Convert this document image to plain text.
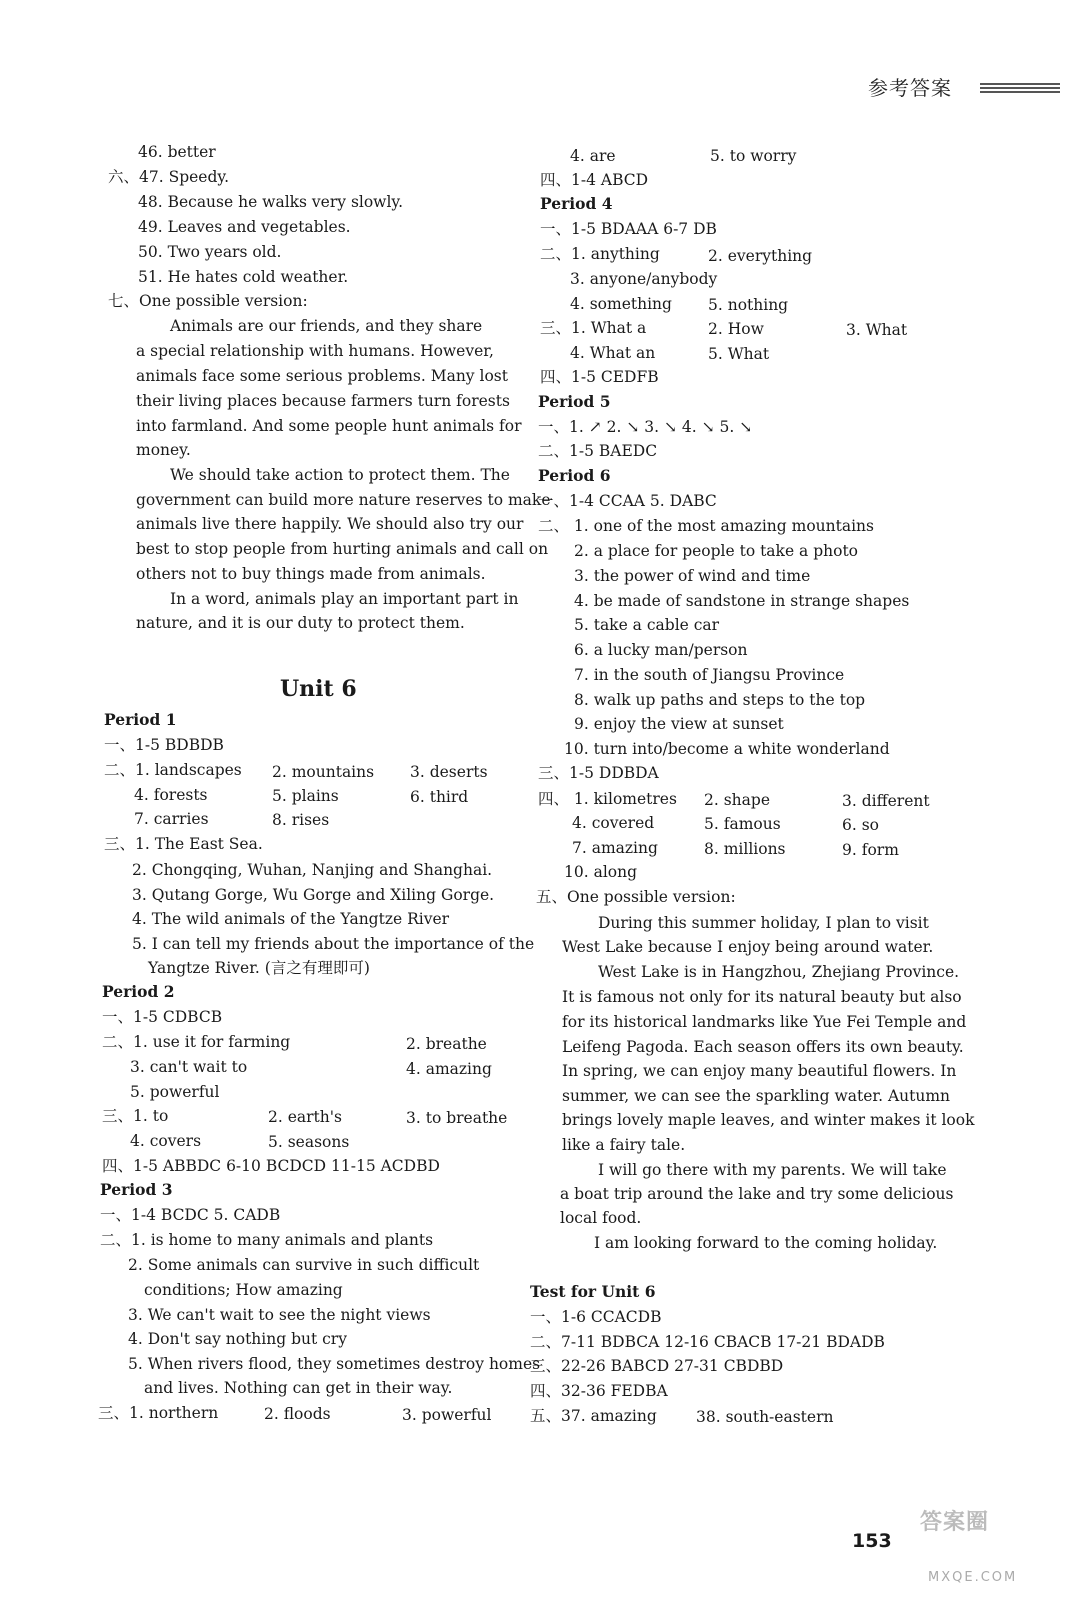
参考答案
46. better
六、47. Speedy.
48. Because he walks very slowly.
49. Leaves and vegetables.
50. Two years old.
51. He hates cold weather.
七、One possible version:
Animals are our friends, and they share
a special relationship with humans. However,
animals face some serious problems. Many lost
their living places because farmers turn forests
into farmland. And some people hunt animals for
money.
We should take action to protect them. The
government can build more nature reserves to make
animals live there happily. We should also try our
best to stop people from hurting animals and call on
others not to buy things made from animals.
In a word, animals play an important part in
nature, and it is our duty to protect them.
Unit 6
Period 1
一、1-5 BDBDB
二、1. landscapes 2. mountains 3. deserts
4. forests	5. plains	6. third
7. carries	8. rises
三、1. The East Sea.
2. Chongqing, Wuhan, Nanjing and Shanghai.
3. Qutang Gorge, Wu Gorge and Xiling Gorge.
4. The wild animals of the Yangtze River
5. I can tell my friends about the importance of the
Yangtze River. (言之有理即可)
Period 2
一、1-5 CDBCB
二、1. use it for farming	2. breathe
3. can't wait to	4. amazing
5. powerful
三、1. to	2. earth's	3. to breathe
4. covers	5. seasons
四、1-5 ABBDC 6-10 BCDCD 11-15 ACDBD
Period 3
一、1-4 BCDC 5. CADB
二、1. is home to many animals and plants
2. Some animals can survive in such difficult
conditions; How amazing
3. We can't wait to see the night views
4. Don't say nothing but cry
5. When rivers flood, they sometimes destroy homes
and lives. Nothing can get in their way.
三、1. northern	2. floods	3. powerful
4. are	5. to worry
四、1-4 ABCD
Period 4
一、1-5 BDAAA 6-7 DB
二、1. anything	2. everything
3. anyone/anybody
4. something 5. nothing
三、1. What a	2. How	3. What
4. What an	5. What
四、1-5 CEDFB
Period 5
一、1. ↗ 2. ↘ 3. ↘ 4. ↘ 5. ↘
二、1-5 BAEDC
Period 6
一、1-4 CCAA 5. DABC
二、 1. one of the most amazing mountains
2. a place for people to take a photo
3. the power of wind and time
4. be made of sandstone in strange shapes
5. take a cable car
6. a lucky man/person
7. in the south of Jiangsu Province
8. walk up paths and steps to the top
9. enjoy the view at sunset
10. turn into/become a white wonderland
三、1-5 DDBDA
四、 1. kilometres 2. shape	3. different
4. covered	5. famous	6. so
7. amazing	8. millions	9. form
10. along
五、One possible version:
During this summer holiday, I plan to visit
West Lake because I enjoy being around water.
West Lake is in Hangzhou, Zhejiang Province.
It is famous not only for its natural beauty but also
for its historical landmarks like Yue Fei Temple and
Leifeng Pagoda. Each season offers its own beauty.
In spring, we can enjoy many beautiful flowers. In
summer, we can see the sparkling water. Autumn
brings lovely maple leaves, and winter makes it look
like a fairy tale.
I will go there with my parents. We will take
a boat trip around the lake and try some delicious
local food.
I am looking forward to the coming holiday.
Test for Unit 6
一、1-6 CCACDB
二、7-11 BDBCA 12-16 CBACB 17-21 BDADB
三、22-26 BABCD 27-31 CBDBD
四、32-36 FEDBA
五、37. amazing	38. south-eastern
153
答案圈
MXQE.COM
